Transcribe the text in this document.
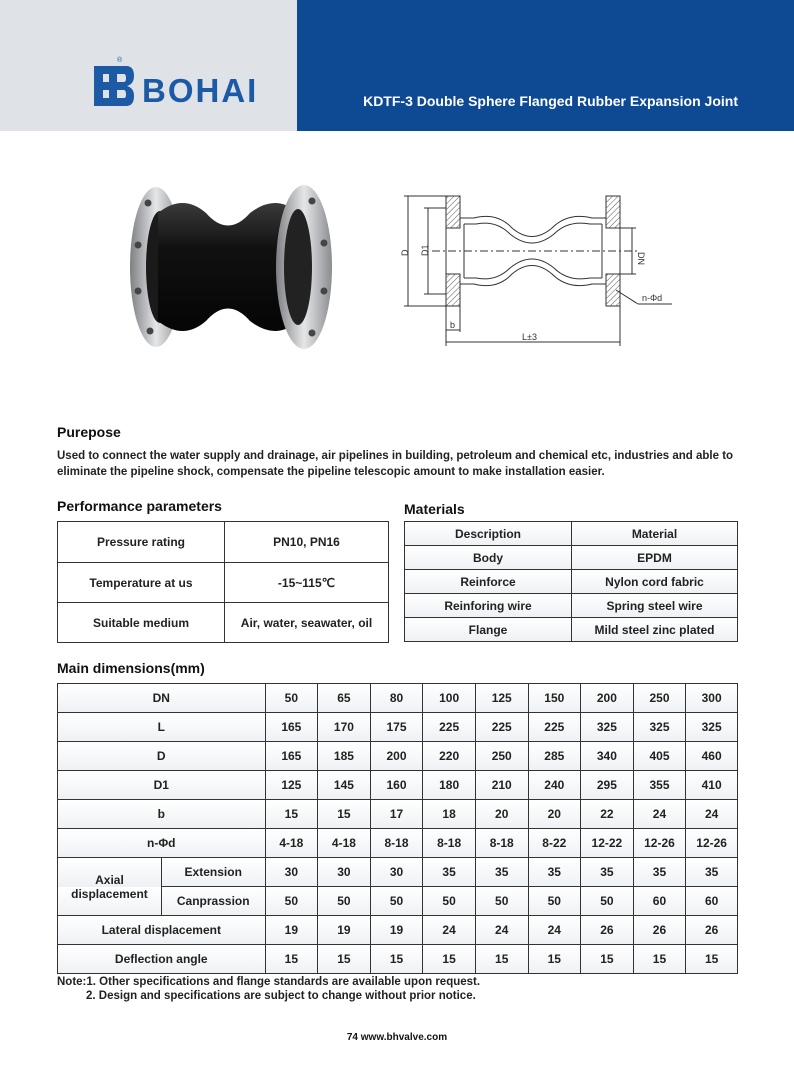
®
BOHAI	KDTF-3 Double Sphere Flanged Rubber Expansion Joint
D D1
DN
n-Φd
b
L±3
Purepose
Used to connect the water supply and drainage, air pipelines in building, petroleum and chemical etc, industries and able to eliminate the pipeline shock, compensate the pipeline telescopic amount to make installation easier.
Performance parameters
Pressure rating	PN10, PN16
Temperature at us	-15~115℃
Suitable medium	Air, water, seawater, oil
Materials
Description	Material
Body	EPDM
Reinforce	Nylon cord fabric
Reinforing wire	Spring steel wire
Flange	Mild steel zinc plated
Main dimensions(mm)
DN		50	65	80	100	125	150	200	250	300
L		165	170	175	225	225	225	325	325	325
D		165	185	200	220	250	285	340	405	460
D1		125	145	160	180	210	240	295	355	410
b		15	15	17	18	20	20	22	24	24
n-Φd		4-18	4-18	8-18	8-18	8-18	8-22	12-22	12-26	12-26
Axial displacement	Extension	30	30	30	35	35	35	35	35	35
	Canprassion	50	50	50	50	50	50	50	60	60
Lateral displacement		19	19	19	24	24	24	26	26	26
Deflection angle		15	15	15	15	15	15	15	15	15
Note:1. Other specifications and flange standards are available upon request.
2. Design and specifications are subject to change without prior notice.
74 www.bhvalve.com
